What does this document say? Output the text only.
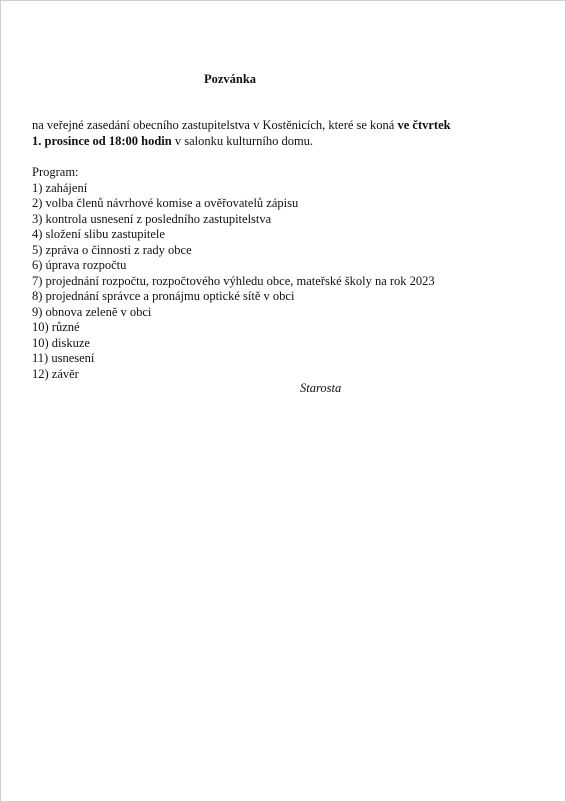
Pozvánka

na veřejné zasedání obecního zastupitelstva v Kostěnicích, které se koná ve čtvrtek
1. prosince od 18:00 hodin v salonku kulturního domu.

Program:
1) zahájení
2) volba členů návrhové komise a ověřovatelů zápisu
3) kontrola usnesení z posledního zastupitelstva
4) složení slibu zastupitele
5) zpráva o činnosti z rady obce
6) úprava rozpočtu
7) projednání rozpočtu, rozpočtového výhledu obce, mateřské školy na rok 2023
8) projednání správce a pronájmu optické sítě v obci
9) obnova zeleně v obci
10) různé
10) diskuze
11) usnesení
12) závěr

Starosta
